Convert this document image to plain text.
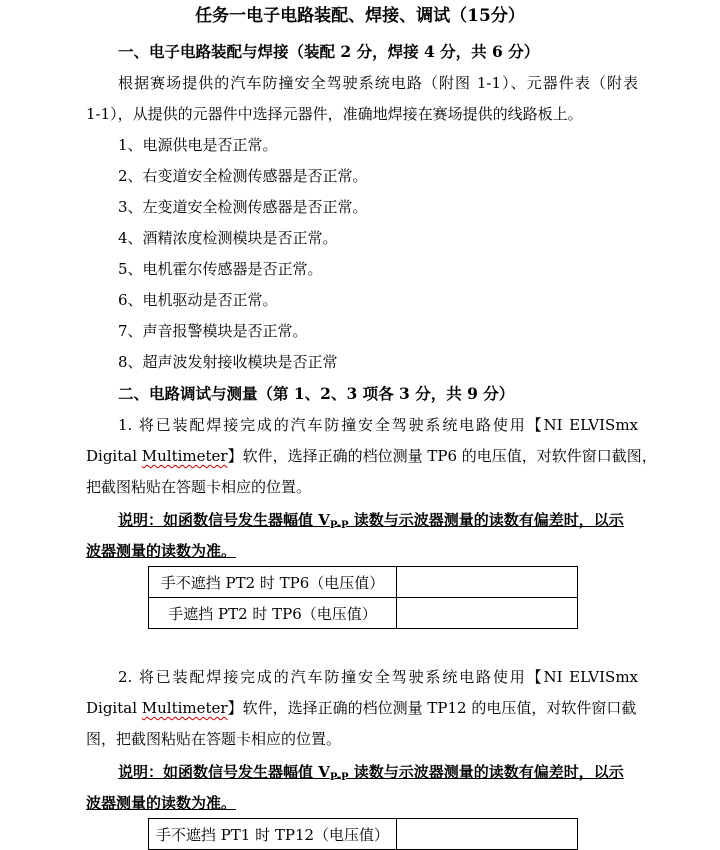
任务一电子电路装配、焊接、调试（15分）
一、电子电路装配与焊接（装配 2 分，焊接 4 分，共 6 分）
根据赛场提供的汽车防撞安全驾驶系统电路（附图 1-1）、元器件表（附表
1-1），从提供的元器件中选择元器件，准确地焊接在赛场提供的线路板上。
1、电源供电是否正常。
2、右变道安全检测传感器是否正常。
3、左变道安全检测传感器是否正常。
4、酒精浓度检测模块是否正常。
5、电机霍尔传感器是否正常。
6、电机驱动是否正常。
7、声音报警模块是否正常。
8、超声波发射接收模块是否正常
二、电路调试与测量（第 1、2、3 项各 3 分，共 9 分）
1. 将已装配焊接完成的汽车防撞安全驾驶系统电路使用【NI ELVISmx
Digital Multimeter】软件，选择正确的档位测量 TP6 的电压值，对软件窗口截图，
把截图粘贴在答题卡相应的位置。
说明：如函数信号发生器幅值 $V_{P-P}$ 读数与示波器测量的读数有偏差时，以示
波器测量的读数为准。
手不遮挡 PT2 时 TP6（电压值）	
手遮挡 PT2 时 TP6（电压值）	
2. 将已装配焊接完成的汽车防撞安全驾驶系统电路使用【NI ELVISmx
Digital Multimeter】软件，选择正确的档位测量 TP12 的电压值，对软件窗口截
图，把截图粘贴在答题卡相应的位置。
说明：如函数信号发生器幅值 $V_{P-P}$ 读数与示波器测量的读数有偏差时，以示
波器测量的读数为准。
手不遮挡 PT1 时 TP12（电压值）	
